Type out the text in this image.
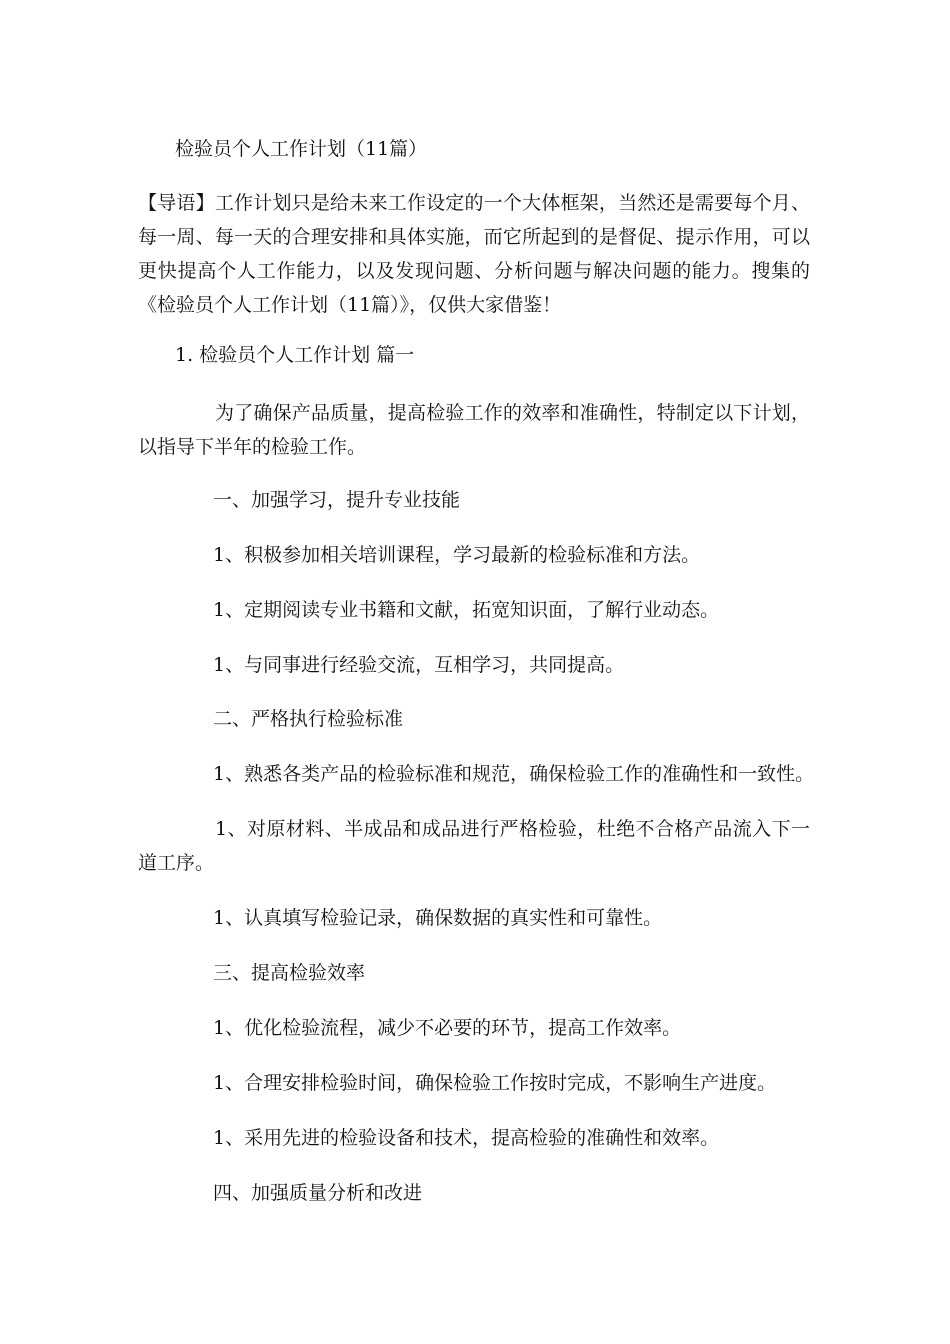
检验员个人工作计划（11篇）

【导语】工作计划只是给未来工作设定的一个大体框架，当然还是需要每个月、每一周、每一天的合理安排和具体实施，而它所起到的是督促、提示作用，可以更快提高个人工作能力，以及发现问题、分析问题与解决问题的能力。搜集的《检验员个人工作计划（11篇）》，仅供大家借鉴！

1. 检验员个人工作计划 篇一

为了确保产品质量，提高检验工作的效率和准确性，特制定以下计划，以指导下半年的检验工作。

一、加强学习，提升专业技能

1、积极参加相关培训课程，学习最新的检验标准和方法。

1、定期阅读专业书籍和文献，拓宽知识面，了解行业动态。

1、与同事进行经验交流，互相学习，共同提高。

二、严格执行检验标准

1、熟悉各类产品的检验标准和规范，确保检验工作的准确性和一致性。

1、对原材料、半成品和成品进行严格检验，杜绝不合格产品流入下一道工序。

1、认真填写检验记录，确保数据的真实性和可靠性。

三、提高检验效率

1、优化检验流程，减少不必要的环节，提高工作效率。

1、合理安排检验时间，确保检验工作按时完成，不影响生产进度。

1、采用先进的检验设备和技术，提高检验的准确性和效率。

四、加强质量分析和改进
